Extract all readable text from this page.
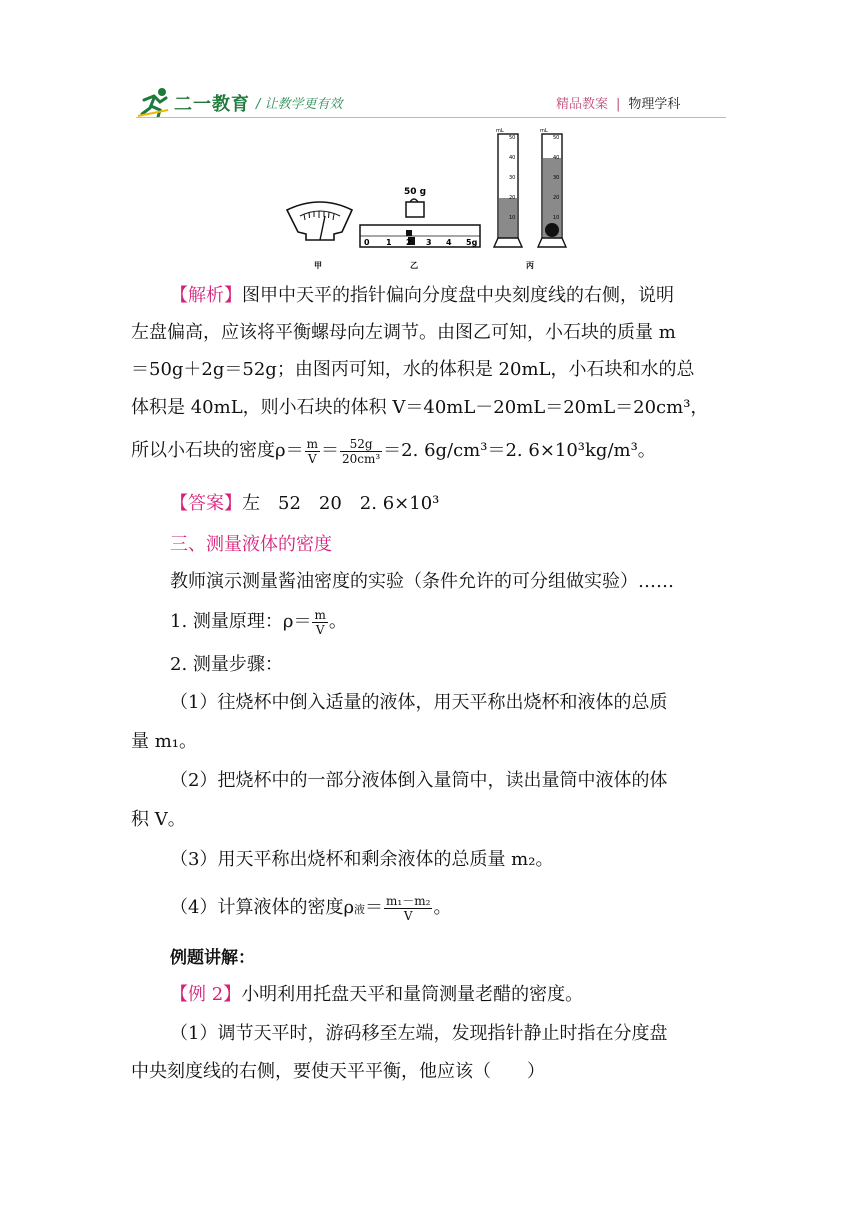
二一教育 / 让教学更有效	精品教案 | 物理学科
50 g
0 1 2 3 4 5g
mL
50
40
30
20
10
mL
50
40
30
20
10
甲	乙	丙
【解析】图甲中天平的指针偏向分度盘中央刻度线的右侧，说明
左盘偏高，应该将平衡螺母向左调节。由图乙可知，小石块的质量 m
＝50g＋2g＝52g；由图丙可知，水的体积是 20mL，小石块和水的总
体积是 40mL，则小石块的体积 V＝40mL－20mL＝20mL＝20cm³，
所以小石块的密度$\rho= \frac{m}{V} = \frac{52g}{\text{20cm³}} =2$. 6g/cm³＝2. 6×10³kg/m³。
【答案】左　52　20　2. 6×10³
三、测量液体的密度
教师演示测量酱油密度的实验（条件允许的可分组做实验）……
1. 测量原理：$\rho= \frac{m}{V}$ 。
2. 测量步骤：
（1）往烧杯中倒入适量的液体，用天平称出烧杯和液体的总质
量 m₁。
（2）把烧杯中的一部分液体倒入量筒中，读出量筒中液体的体
积 V。
（3）用天平称出烧杯和剩余液体的总质量 m₂。
（4）计算液体的密度ρ液＝ $\frac{\text{m₁－m₂}}{V}$ 。
例题讲解：
【例 2】小明利用托盘天平和量筒测量老醋的密度。
（1）调节天平时，游码移至左端，发现指针静止时指在分度盘
中央刻度线的右侧，要使天平平衡，他应该（　　）
